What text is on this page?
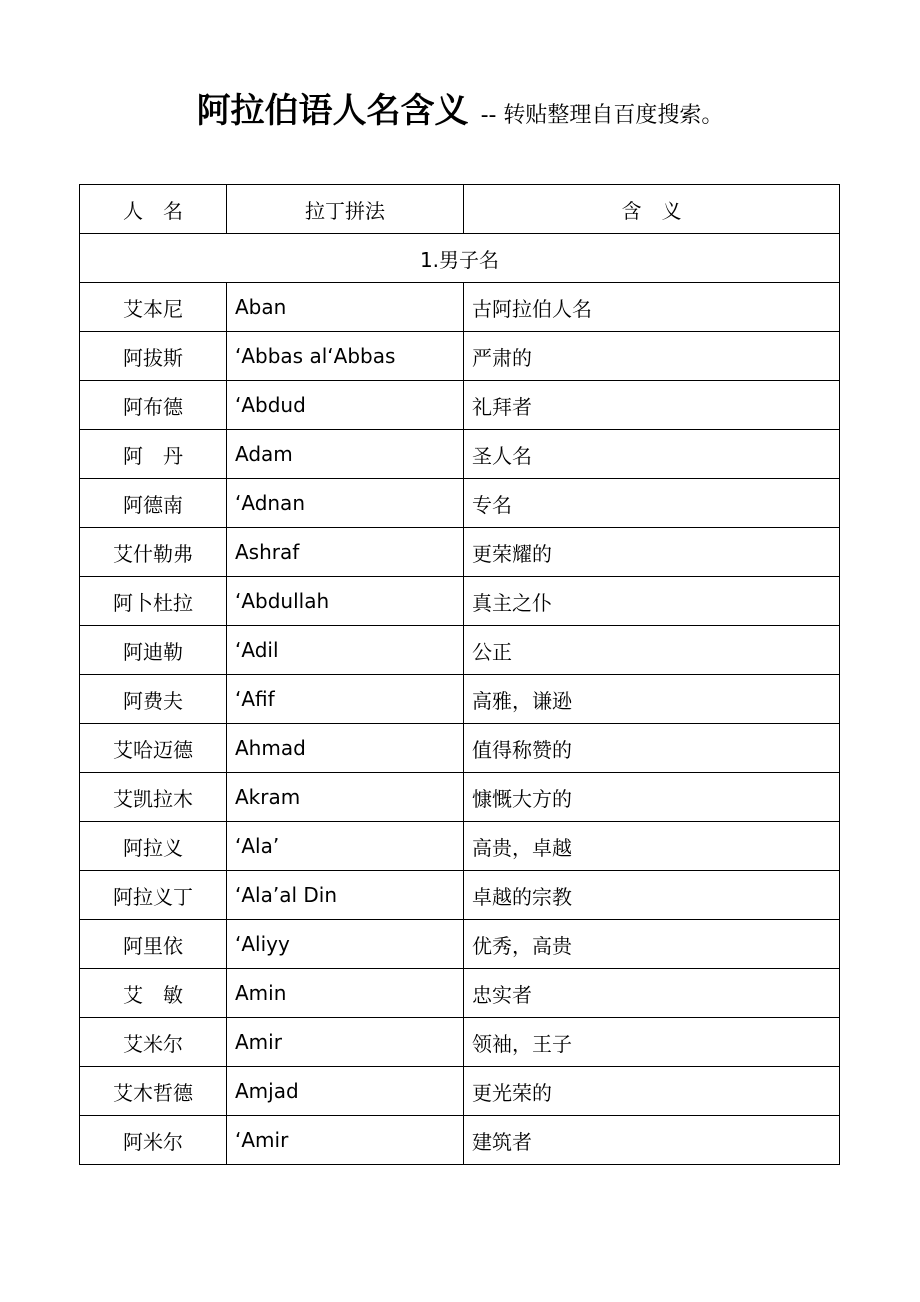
阿拉伯语人名含义 -- 转贴整理自百度搜索。
人　名	拉丁拼法	含　义
1.男子名		
艾本尼	Aban	古阿拉伯人名
阿拔斯	‘Abbas al‘Abbas	严肃的
阿布德	‘Abdud	礼拜者
阿　丹	Adam	圣人名
阿德南	‘Adnan	专名
艾什勒弗	Ashraf	更荣耀的
阿卜杜拉	‘Abdullah	真主之仆
阿迪勒	‘Adil	公正
阿费夫	‘Afif	高雅，谦逊
艾哈迈德	Ahmad	值得称赞的
艾凯拉木	Akram	慷慨大方的
阿拉义	‘Ala’	高贵，卓越
阿拉义丁	‘Ala’al Din	卓越的宗教
阿里依	‘Aliyy	优秀，高贵
艾　敏	Amin	忠实者
艾米尔	Amir	领袖，王子
艾木哲德	Amjad	更光荣的
阿米尔	‘Amir	建筑者
